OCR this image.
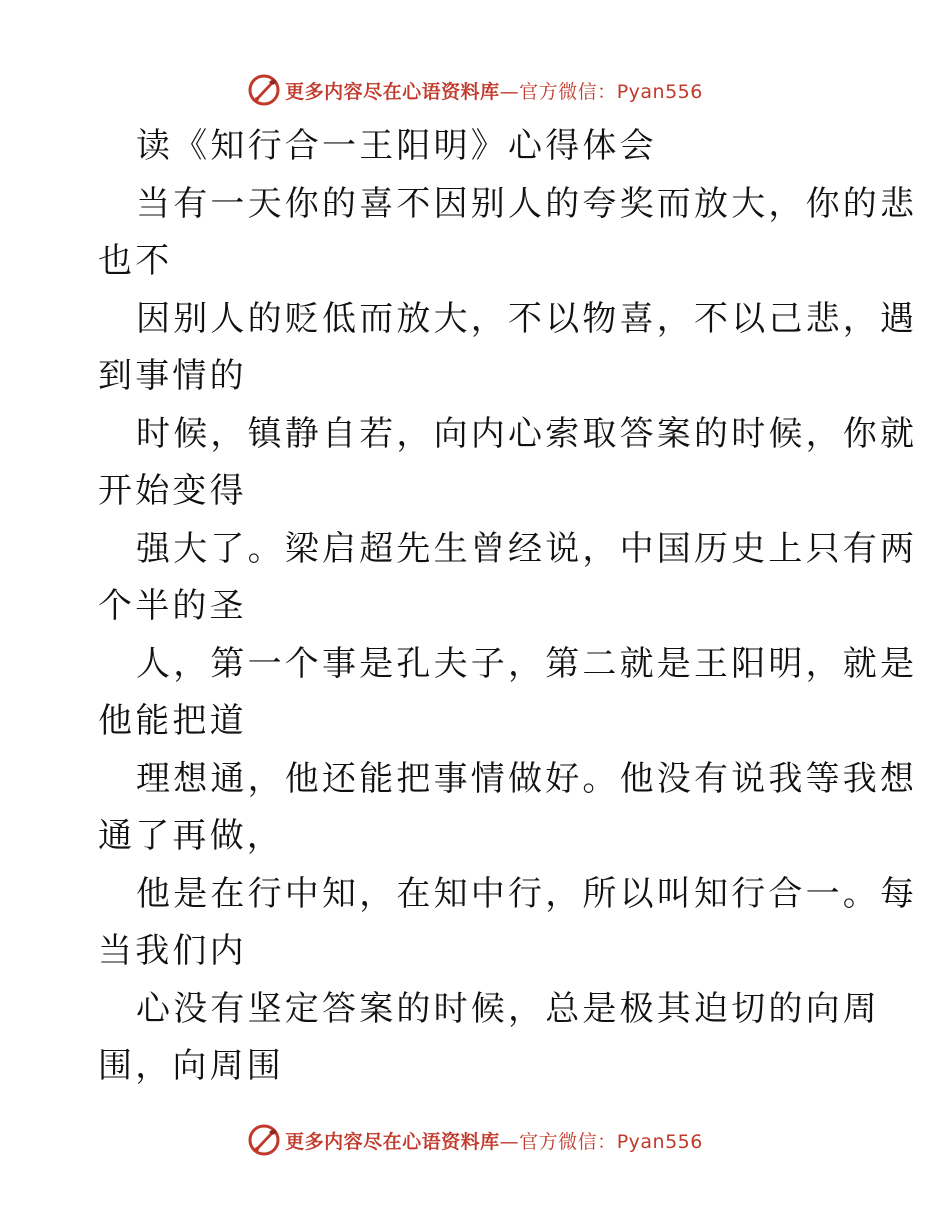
更多内容尽在心语资料库—官方微信：Pyan556
读《知行合一王阳明》心得体会
当有一天你的喜不因别人的夸奖而放大，你的悲
也不
因别人的贬低而放大，不以物喜，不以己悲，遇
到事情的
时候，镇静自若，向内心索取答案的时候，你就
开始变得
强大了。梁启超先生曾经说，中国历史上只有两
个半的圣
人，第一个事是孔夫子，第二就是王阳明，就是
他能把道
理想通，他还能把事情做好。他没有说我等我想
通了再做，
他是在行中知，在知中行，所以叫知行合一。每
当我们内
心没有坚定答案的时候，总是极其迫切的向周
围，向周围
更多内容尽在心语资料库—官方微信：Pyan556
